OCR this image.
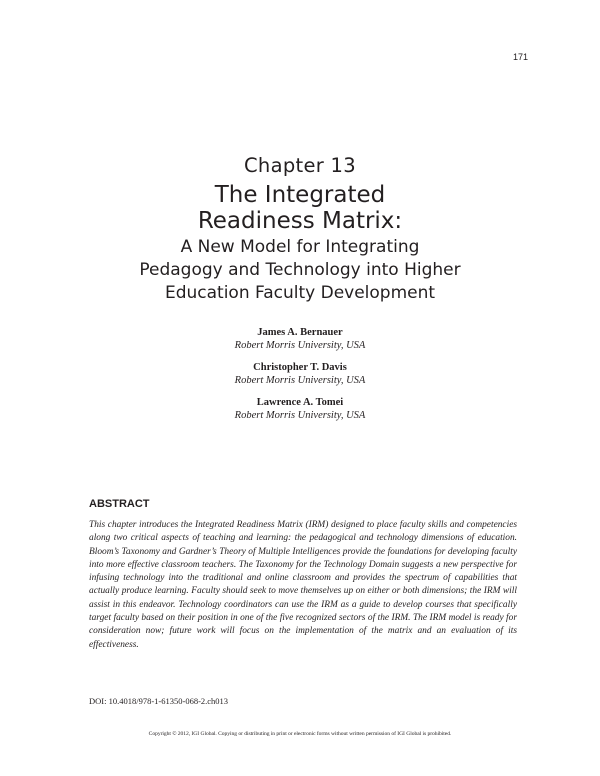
171
Chapter 13
The Integrated
Readiness Matrix:
A New Model for Integrating
Pedagogy and Technology into Higher
Education Faculty Development
James A. Bernauer
Robert Morris University, USA
Christopher T. Davis
Robert Morris University, USA
Lawrence A. Tomei
Robert Morris University, USA
ABSTRACT
This chapter introduces the Integrated Readiness Matrix (IRM) designed to place faculty skills and competencies along two critical aspects of teaching and learning: the pedagogical and technology dimensions of education. Bloom’s Taxonomy and Gardner’s Theory of Multiple Intelligences provide the foundations for developing faculty into more effective classroom teachers. The Taxonomy for the Technology Domain suggests a new perspective for infusing technology into the traditional and online classroom and provides the spectrum of capabilities that actually produce learning. Faculty should seek to move themselves up on either or both dimensions; the IRM will assist in this endeavor. Technology coordinators can use the IRM as a guide to develop courses that specifically target faculty based on their position in one of the five recognized sectors of the IRM. The IRM model is ready for consideration now; future work will focus on the implementation of the matrix and an evaluation of its effectiveness.
DOI: 10.4018/978-1-61350-068-2.ch013
Copyright © 2012, IGI Global. Copying or distributing in print or electronic forms without written permission of IGI Global is prohibited.
